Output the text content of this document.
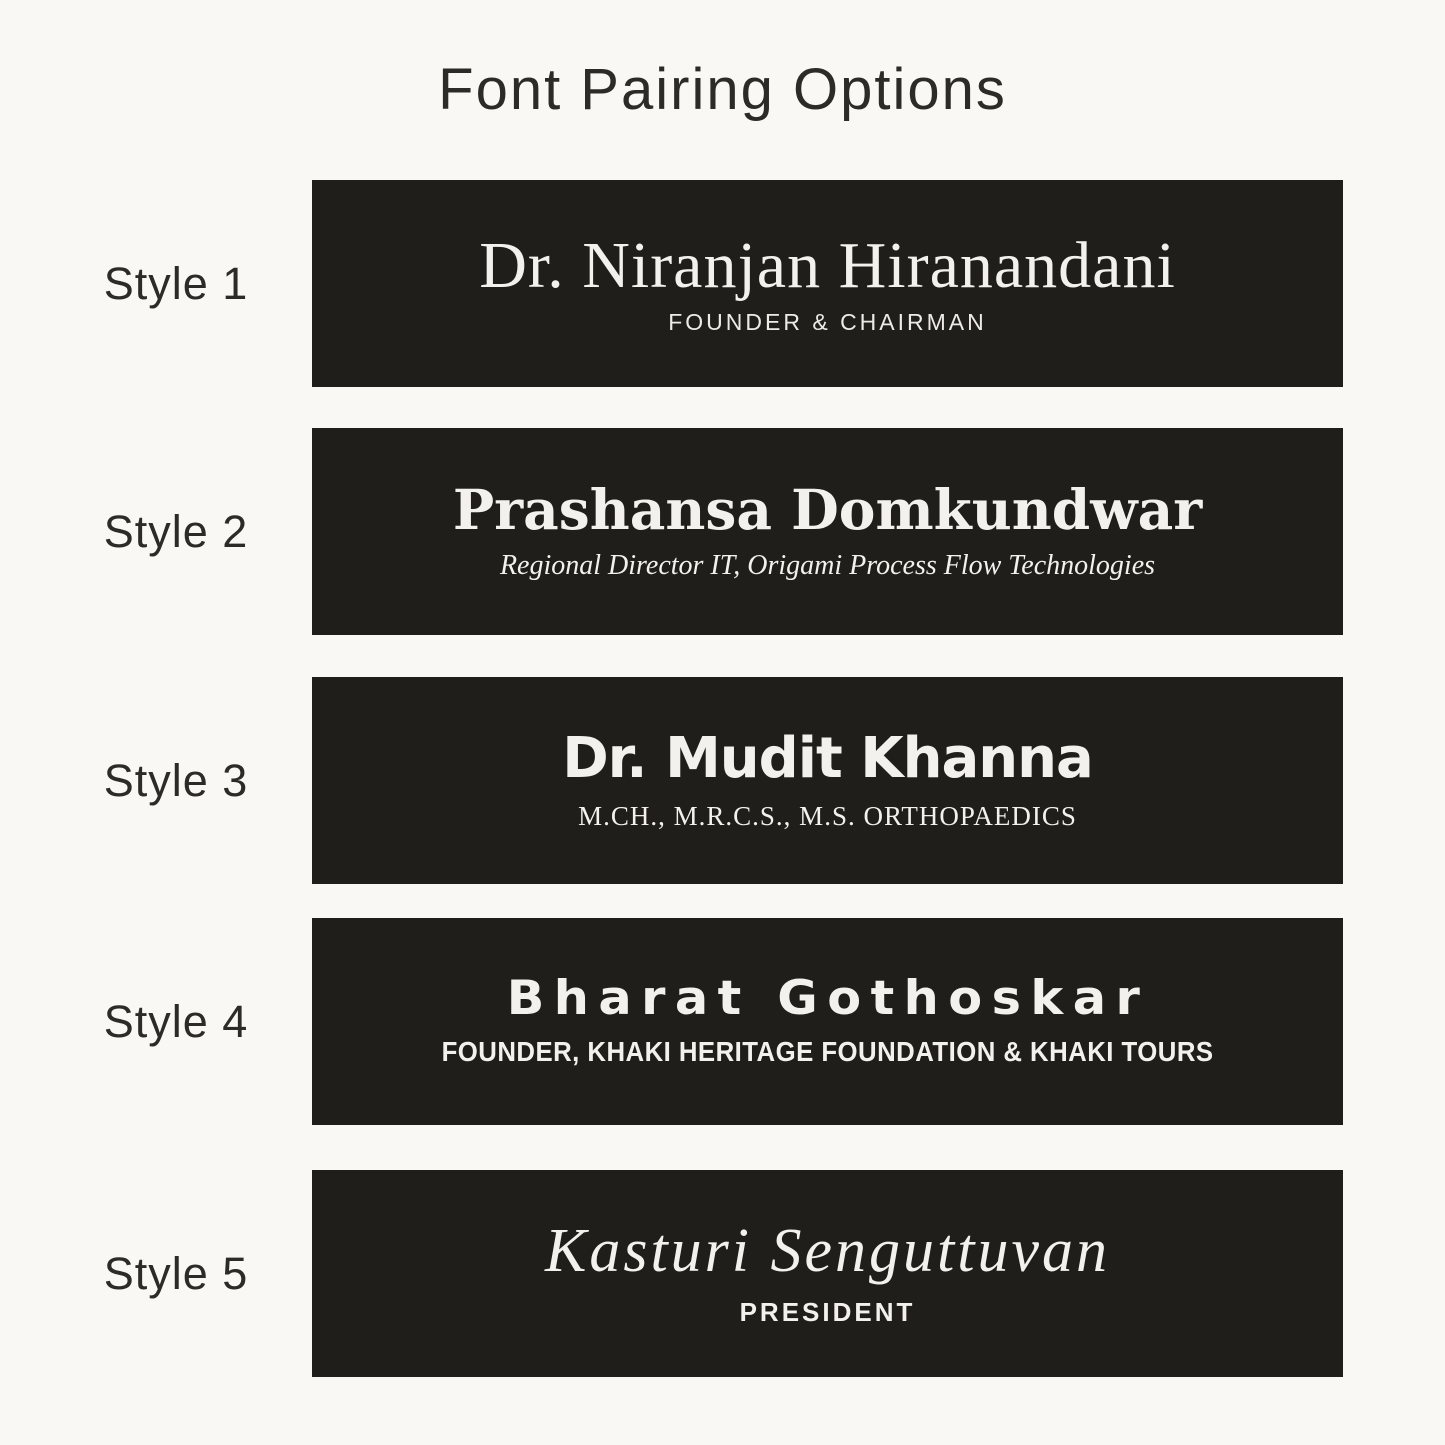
Font Pairing Options
Style 1	Dr. Niranjan Hiranandani
FOUNDER & CHAIRMAN
Style 2	Prashansa Domkundwar
Regional Director IT, Origami Process Flow Technologies
Style 3	Dr. Mudit Khanna
M.CH., M.R.C.S., M.S. ORTHOPAEDICS
Style 4	Bharat Gothoskar
FOUNDER, KHAKI HERITAGE FOUNDATION & KHAKI TOURS
Style 5	Kasturi Senguttuvan
PRESIDENT
